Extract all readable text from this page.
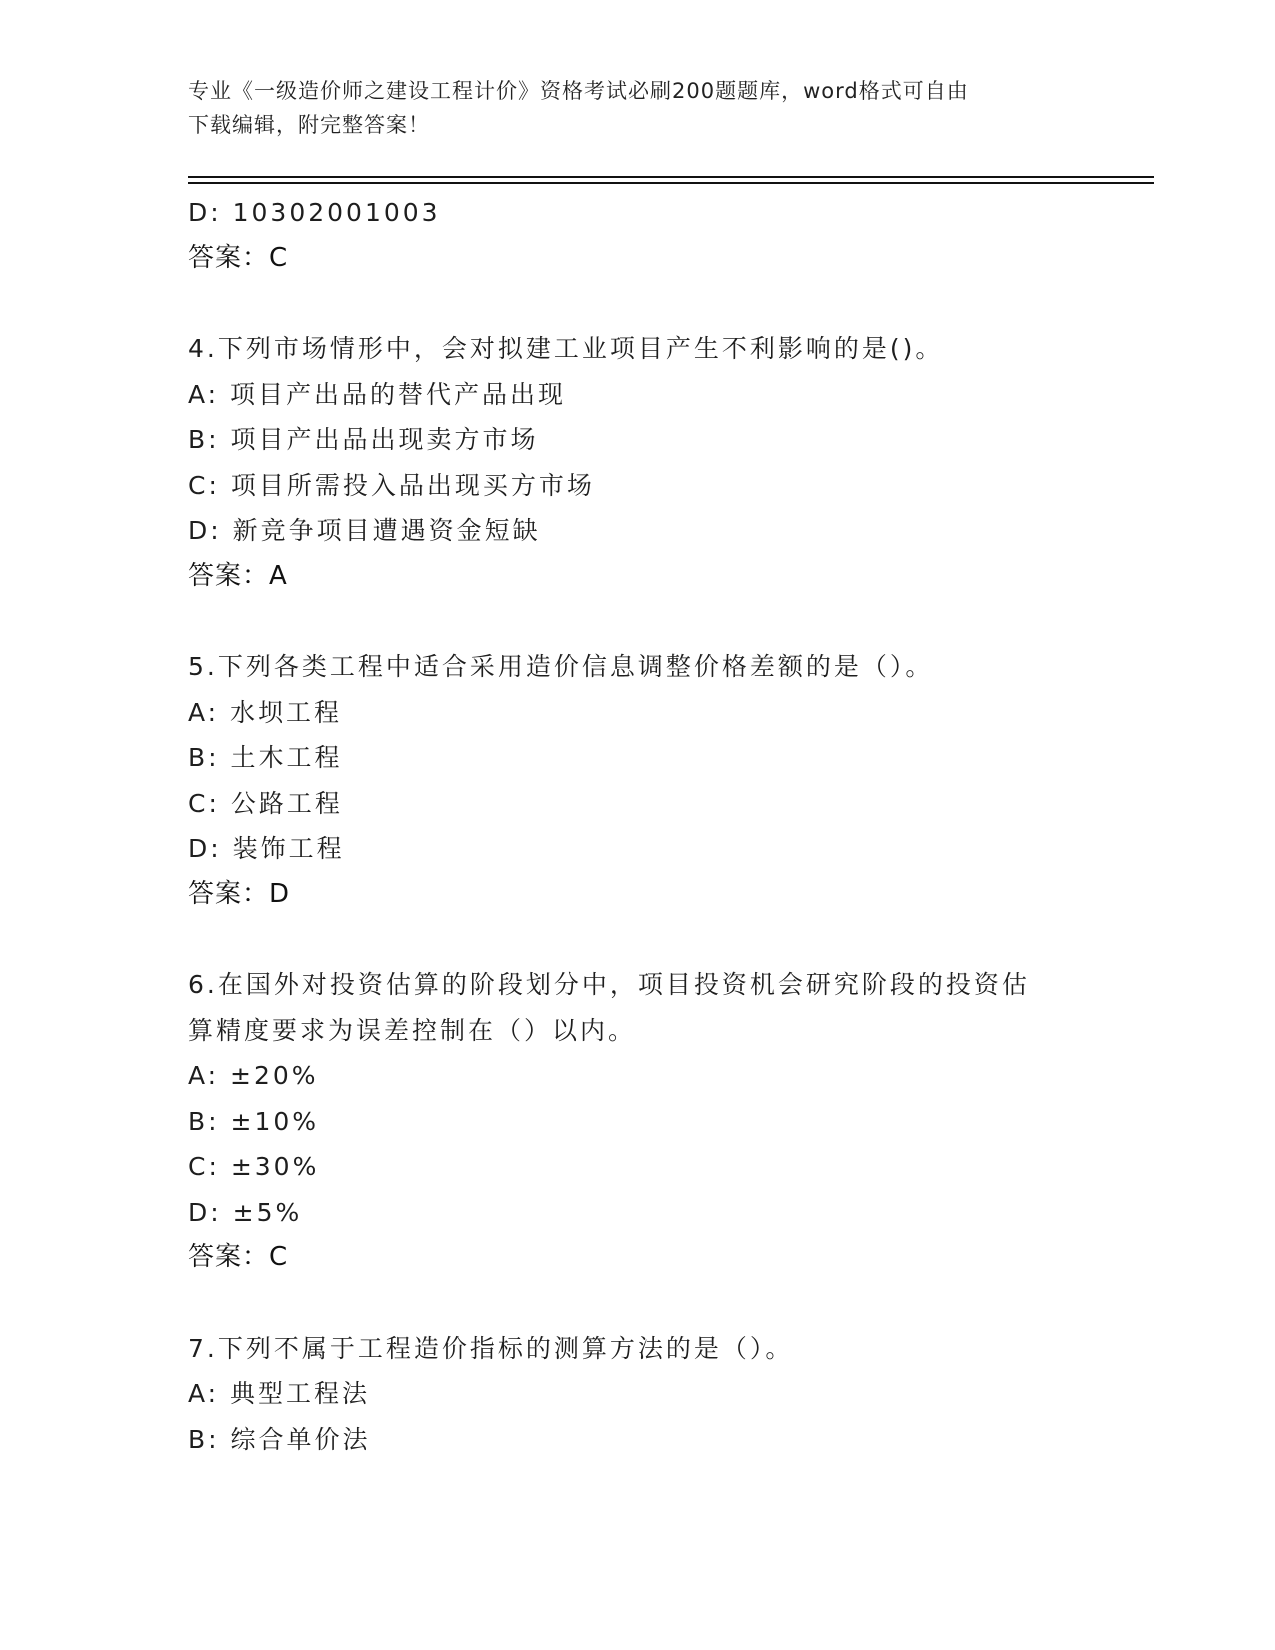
专业《一级造价师之建设工程计价》资格考试必刷200题题库，word格式可自由
下载编辑，附完整答案！
D: 10302001003
答案：C
4.下列市场情形中，会对拟建工业项目产生不利影响的是()。
A: 项目产出品的替代产品出现
B: 项目产出品出现卖方市场
C: 项目所需投入品出现买方市场
D: 新竞争项目遭遇资金短缺
答案：A
5.下列各类工程中适合采用造价信息调整价格差额的是（）。
A: 水坝工程
B: 土木工程
C: 公路工程
D: 装饰工程
答案：D
6.在国外对投资估算的阶段划分中，项目投资机会研究阶段的投资估
算精度要求为误差控制在（）以内。
A: ±20%
B: ±10%
C: ±30%
D: ±5%
答案：C
7.下列不属于工程造价指标的测算方法的是（）。
A: 典型工程法
B: 综合单价法
